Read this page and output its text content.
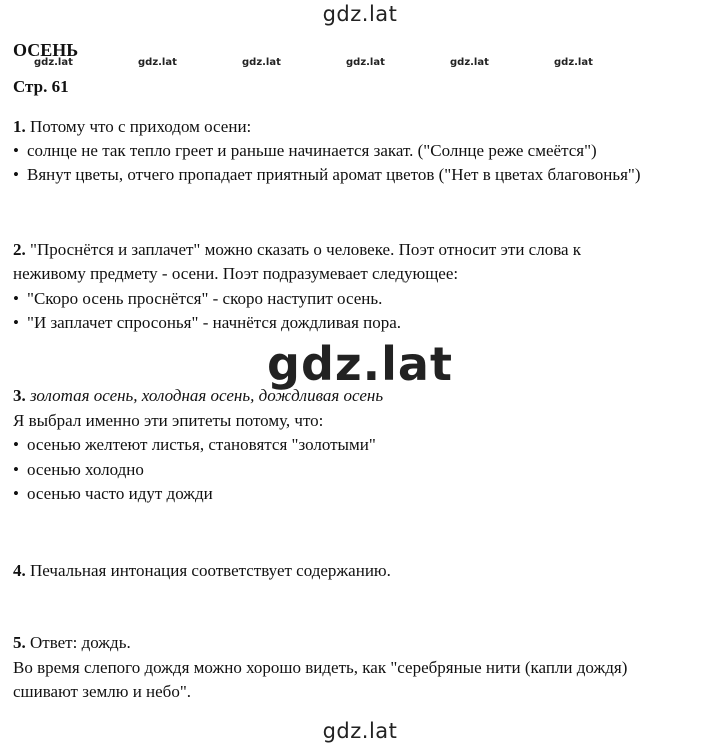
gdz.lat
ОСЕНЬ
gdz.lat	gdz.lat	gdz.lat	gdz.lat	gdz.lat	gdz.lat
Стр. 61
1. Потому что с приходом осени:
• солнце не так тепло греет и раньше начинается закат. ("Солнце реже смеётся")
• Вянут цветы, отчего пропадает приятный аромат цветов ("Нет в цветах благовонья")
2. "Проснётся и заплачет" можно сказать о человеке. Поэт относит эти слова к
неживому предмету - осени. Поэт подразумевает следующее:
• "Скоро осень проснётся" - скоро наступит осень.
• "И заплачет спросонья" - начнётся дождливая пора.
3. золотая осень, холодная осень, дождливая осень
Я выбрал именно эти эпитеты потому, что:
• осенью желтеют листья, становятся "золотыми"
• осенью холодно
• осенью часто идут дожди
4. Печальная интонация соответствует содержанию.
5. Ответ: дождь.
Во время слепого дождя можно хорошо видеть, как "серебряные нити (капли дождя)
сшивают землю и небо".
gdz.lat
gdz.lat
